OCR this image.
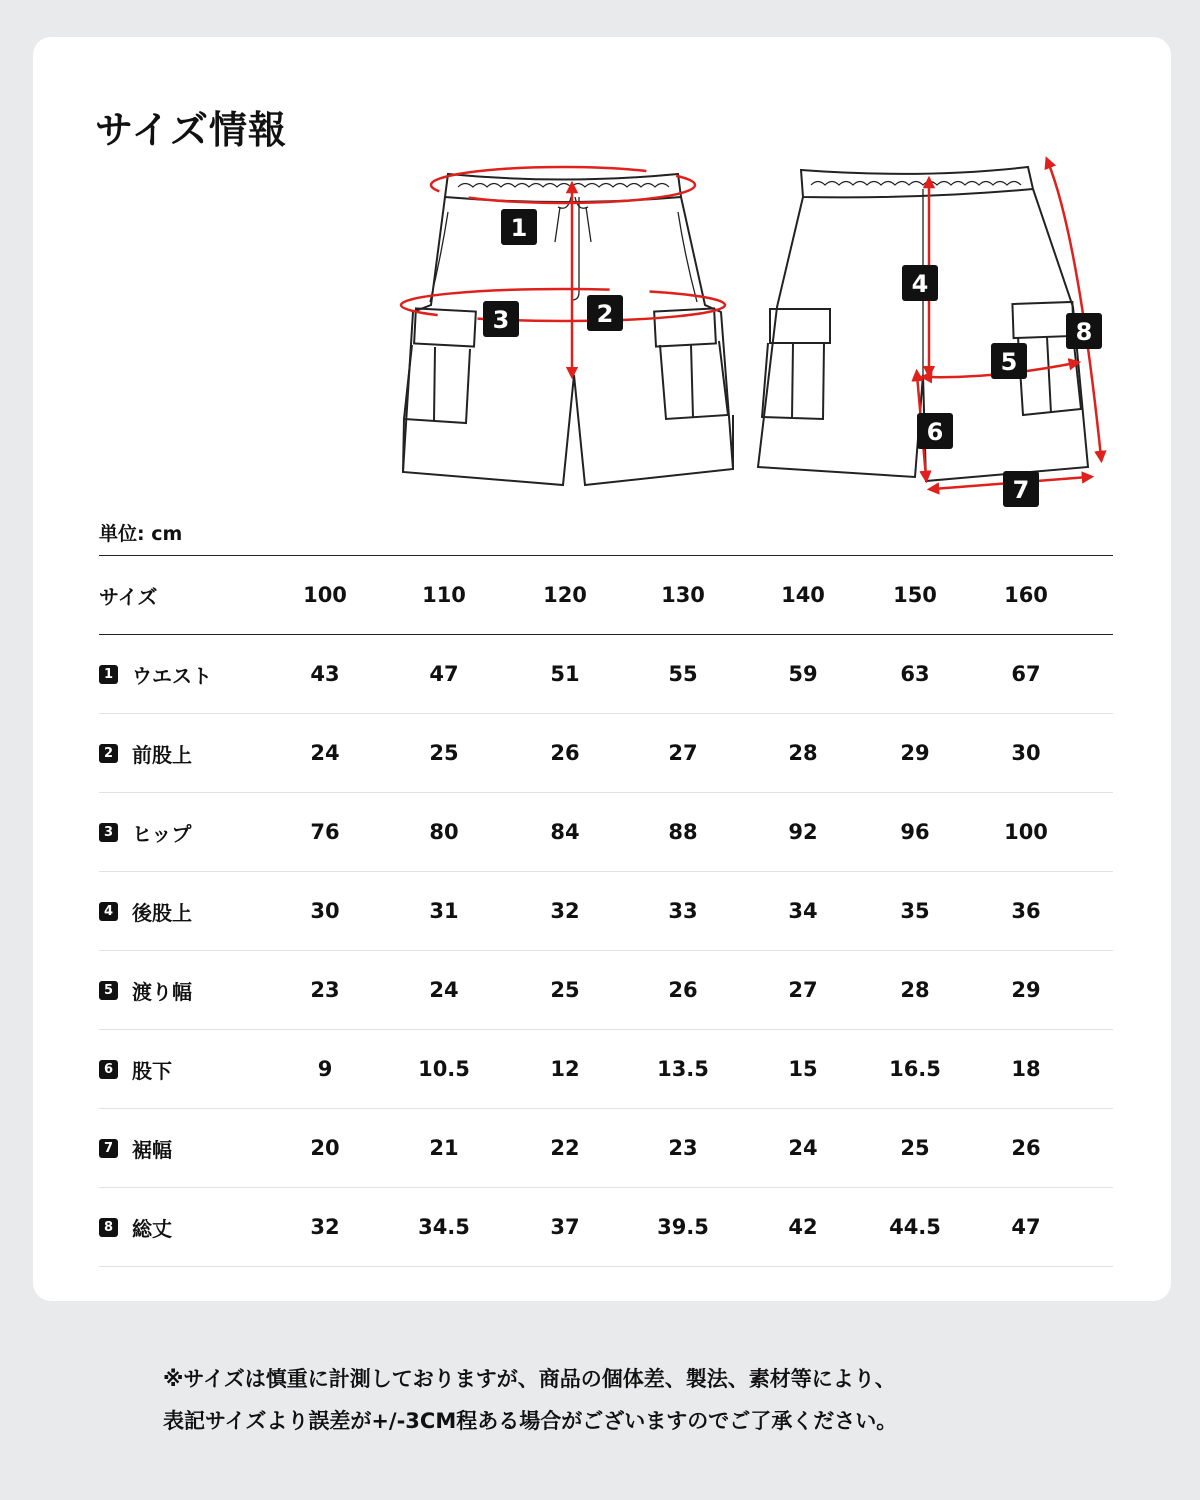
サイズ情報
1
2
3
4
5
6
7
8
単位: cm
サイズ	100	110	120	130	140	150	160
1 ウエスト	43	47	51	55	59	63	67
2 前股上	24	25	26	27	28	29	30
3 ヒップ	76	80	84	88	92	96	100
4 後股上	30	31	32	33	34	35	36
5 渡り幅	23	24	25	26	27	28	29
6 股下	9	10.5	12	13.5	15	16.5	18
7 裾幅	20	21	22	23	24	25	26
8 総丈	32	34.5	37	39.5	42	44.5	47

※サイズは慎重に計測しておりますが、商品の個体差、製法、素材等により、

表記サイズより誤差が+/-3CM程ある場合がございますのでご了承ください。
